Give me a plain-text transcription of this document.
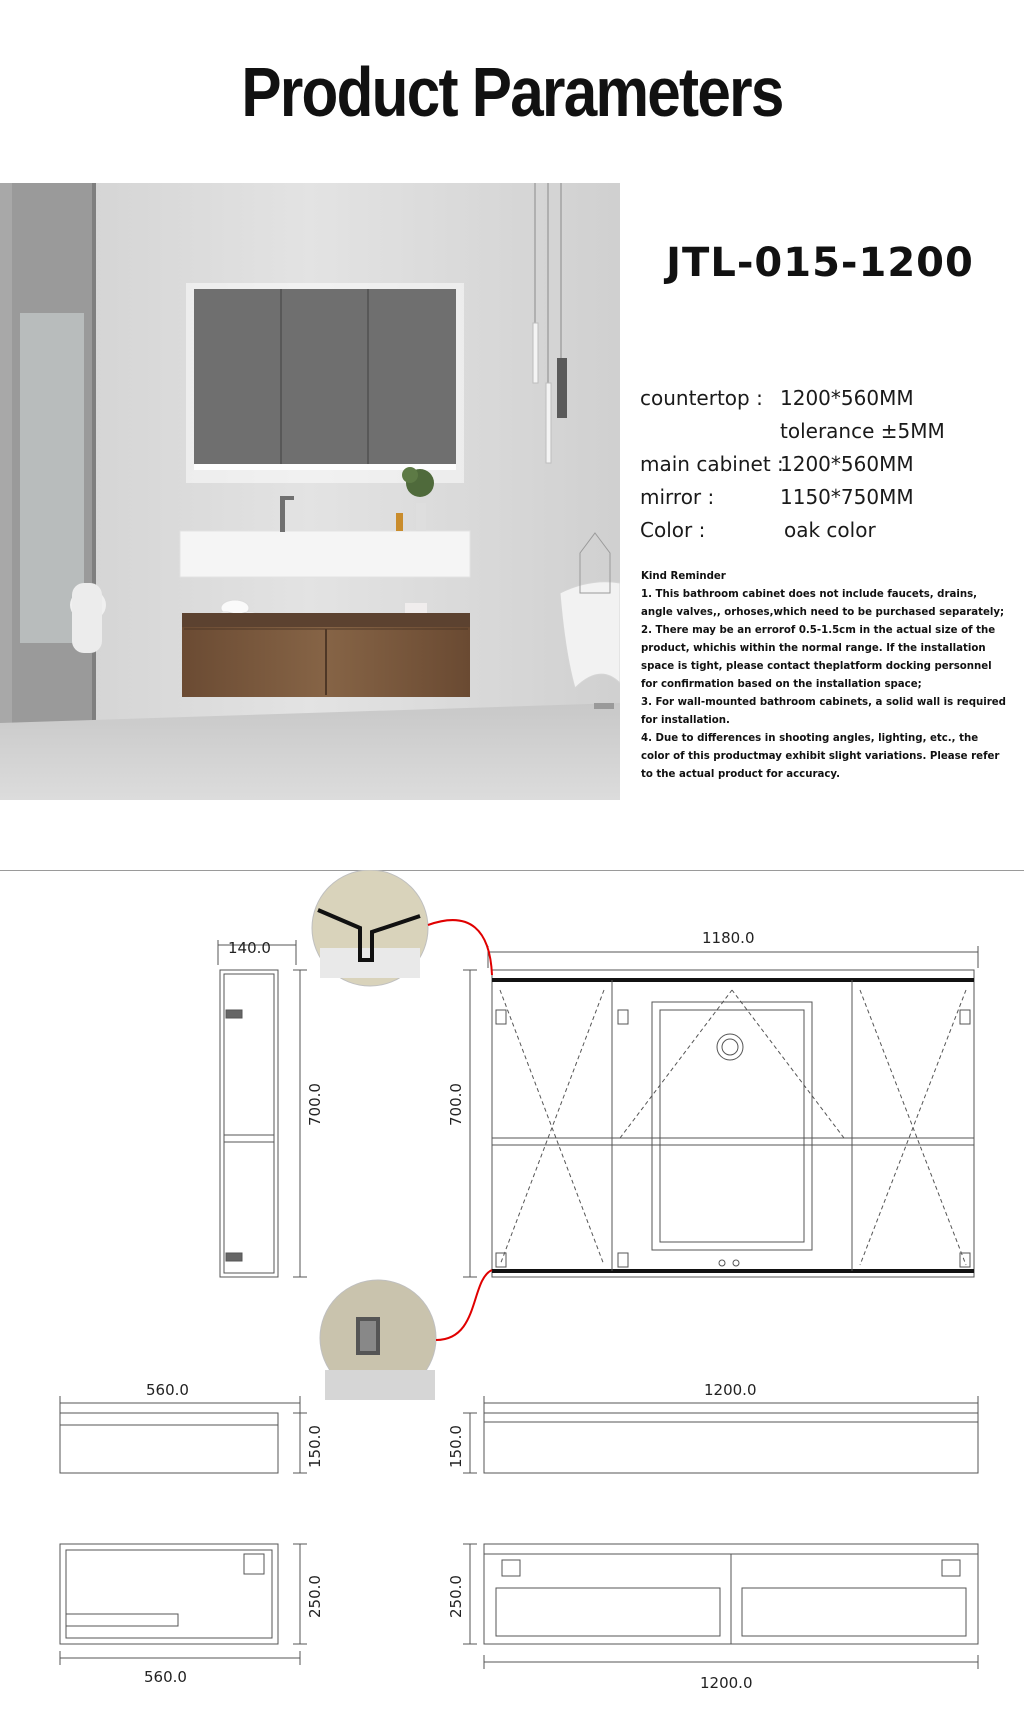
Product Parameters
JTL-015-1200
countertop : 1200*560MM
tolerance ±5MM
main cabinet :
1200*560MM
mirror :	1150*750MM
Color :	oak color

Kind Reminder

1. This bathroom cabinet does not include faucets, drains, angle valves,, orhoses,which need to be purchased separately;

2. There may be an errorof 0.5-1.5cm in the actual size of the product, whichis within the normal range. If the installation space is tight, please contact theplatform docking personnel for confirmation based on the installation space;

3. For wall-mounted bathroom cabinets, a solid wall is required for installation.

4. Due to differences in shooting angles, lighting, etc., the color of this productmay exhibit slight variations. Please refer to the actual product for accuracy.

140.0
1180.0
700.0	700.0
560.0	1200.0
150.0	150.0
250.0	250.0
560.0	1200.0
